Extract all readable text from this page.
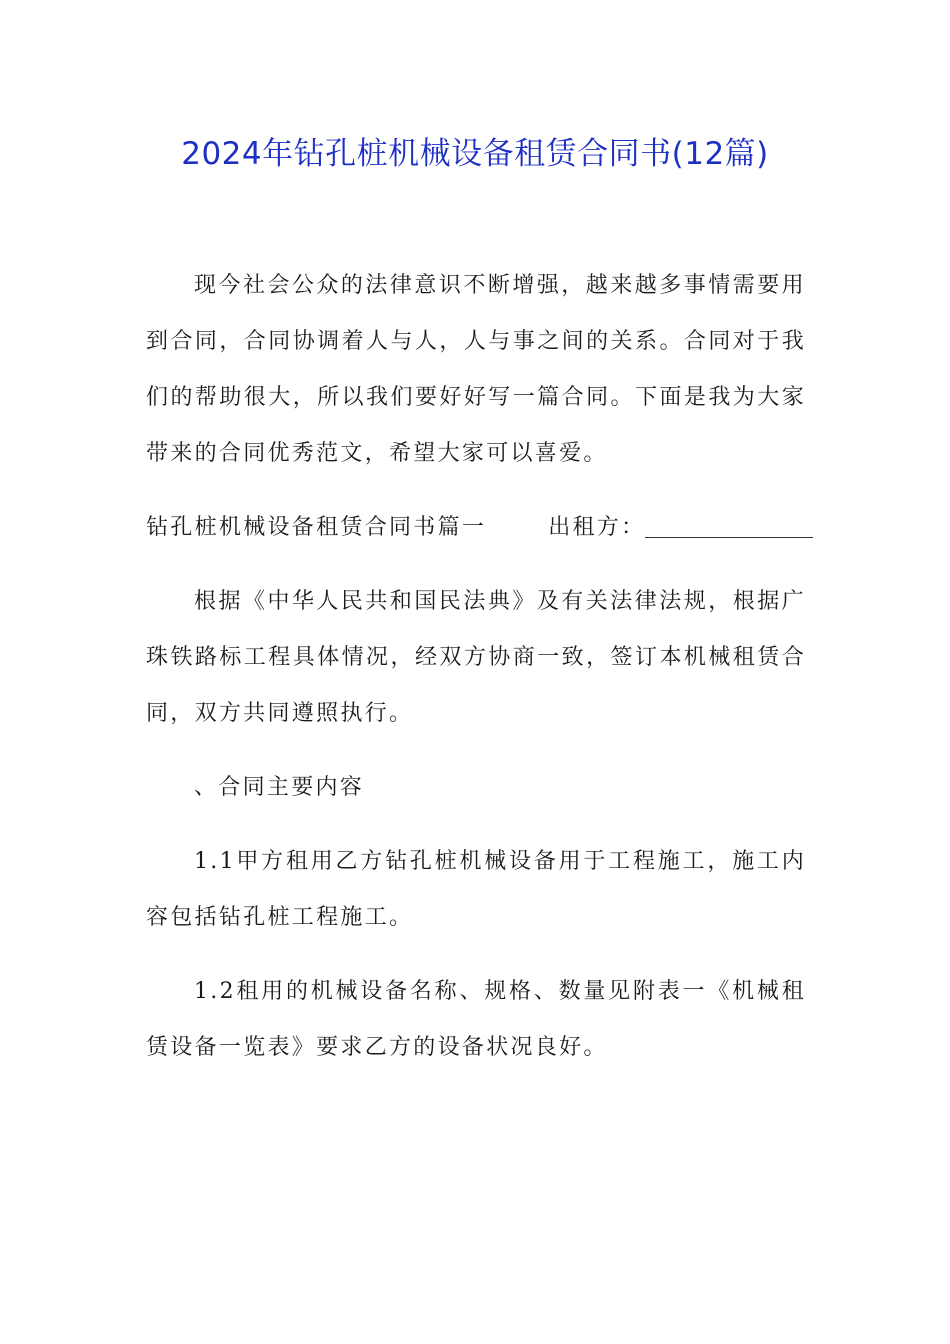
2024年钻孔桩机械设备租赁合同书(12篇)

现今社会公众的法律意识不断增强，越来越多事情需要用到合同，合同协调着人与人，人与事之间的关系。合同对于我们的帮助很大，所以我们要好好写一篇合同。下面是我为大家带来的合同优秀范文，希望大家可以喜爱。

钻孔桩机械设备租赁合同书篇一	出租方：

根据《中华人民共和国民法典》及有关法律法规，根据广珠铁路标工程具体情况，经双方协商一致，签订本机械租赁合同，双方共同遵照执行。

、合同主要内容

1.1甲方租用乙方钻孔桩机械设备用于工程施工，施工内容包括钻孔桩工程施工。

1.2租用的机械设备名称、规格、数量见附表一《机械租赁设备一览表》要求乙方的设备状况良好。
